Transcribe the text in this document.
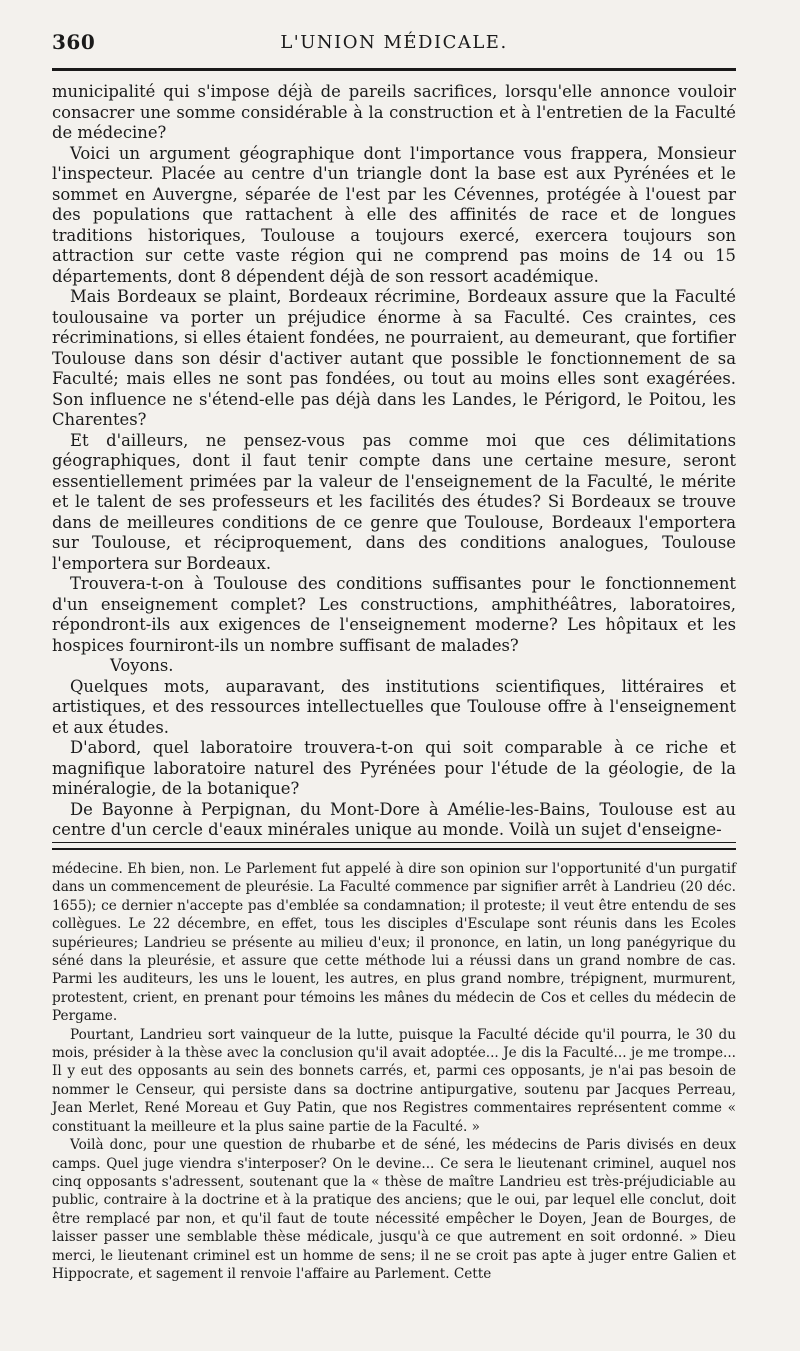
360	L'UNION MÉDICALE.

municipalité qui s'impose déjà de pareils sacrifices, lorsqu'elle annonce vouloir consacrer une somme considérable à la construction et à l'entretien de la Faculté de médecine?

Voici un argument géographique dont l'importance vous frappera, Monsieur l'inspecteur. Placée au centre d'un triangle dont la base est aux Pyrénées et le sommet en Auvergne, séparée de l'est par les Cévennes, protégée à l'ouest par des populations que rattachent à elle des affinités de race et de longues traditions historiques, Toulouse a toujours exercé, exercera toujours son attraction sur cette vaste région qui ne comprend pas moins de 14 ou 15 départements, dont 8 dépendent déjà de son ressort académique.

Mais Bordeaux se plaint, Bordeaux récrimine, Bordeaux assure que la Faculté toulousaine va porter un préjudice énorme à sa Faculté. Ces craintes, ces récriminations, si elles étaient fondées, ne pourraient, au demeurant, que fortifier Toulouse dans son désir d'activer autant que possible le fonctionnement de sa Faculté; mais elles ne sont pas fondées, ou tout au moins elles sont exagérées. Son influence ne s'étend-elle pas déjà dans les Landes, le Périgord, le Poitou, les Charentes?

Et d'ailleurs, ne pensez-vous pas comme moi que ces délimitations géographiques, dont il faut tenir compte dans une certaine mesure, seront essentiellement primées par la valeur de l'enseignement de la Faculté, le mérite et le talent de ses professeurs et les facilités des études? Si Bordeaux se trouve dans de meilleures conditions de ce genre que Toulouse, Bordeaux l'emportera sur Toulouse, et réciproquement, dans des conditions analogues, Toulouse l'emportera sur Bordeaux.

Trouvera-t-on à Toulouse des conditions suffisantes pour le fonctionnement d'un enseignement complet? Les constructions, amphithéâtres, laboratoires, répondront-ils aux exigences de l'enseignement moderne? Les hôpitaux et les hospices fourniront-ils un nombre suffisant de malades?

Voyons.

Quelques mots, auparavant, des institutions scientifiques, littéraires et artistiques, et des ressources intellectuelles que Toulouse offre à l'enseignement et aux études.

D'abord, quel laboratoire trouvera-t-on qui soit comparable à ce riche et magnifique laboratoire naturel des Pyrénées pour l'étude de la géologie, de la minéralogie, de la botanique?

De Bayonne à Perpignan, du Mont-Dore à Amélie-les-Bains, Toulouse est au centre d'un cercle d'eaux minérales unique au monde. Voilà un sujet d'enseigne-

médecine. Eh bien, non. Le Parlement fut appelé à dire son opinion sur l'opportunité d'un purgatif dans un commencement de pleurésie. La Faculté commence par signifier arrêt à Landrieu (20 déc. 1655); ce dernier n'accepte pas d'emblée sa condamnation; il proteste; il veut être entendu de ses collègues. Le 22 décembre, en effet, tous les disciples d'Esculape sont réunis dans les Ecoles supérieures; Landrieu se présente au milieu d'eux; il prononce, en latin, un long panégyrique du séné dans la pleurésie, et assure que cette méthode lui a réussi dans un grand nombre de cas. Parmi les auditeurs, les uns le louent, les autres, en plus grand nombre, trépignent, murmurent, protestent, crient, en prenant pour témoins les mânes du médecin de Cos et celles du médecin de Pergame.

Pourtant, Landrieu sort vainqueur de la lutte, puisque la Faculté décide qu'il pourra, le 30 du mois, présider à la thèse avec la conclusion qu'il avait adoptée... Je dis la Faculté... je me trompe... Il y eut des opposants au sein des bonnets carrés, et, parmi ces opposants, je n'ai pas besoin de nommer le Censeur, qui persiste dans sa doctrine antipurgative, soutenu par Jacques Perreau, Jean Merlet, René Moreau et Guy Patin, que nos Registres commentaires représentent comme « constituant la meilleure et la plus saine partie de la Faculté. »

Voilà donc, pour une question de rhubarbe et de séné, les médecins de Paris divisés en deux camps. Quel juge viendra s'interposer? On le devine... Ce sera le lieutenant criminel, auquel nos cinq opposants s'adressent, soutenant que la « thèse de maître Landrieu est très-préjudiciable au public, contraire à la doctrine et à la pratique des anciens; que le oui, par lequel elle conclut, doit être remplacé par non, et qu'il faut de toute nécessité empêcher le Doyen, Jean de Bourges, de laisser passer une semblable thèse médicale, jusqu'à ce que autrement en soit ordonné. » Dieu merci, le lieutenant criminel est un homme de sens; il ne se croit pas apte à juger entre Galien et Hippocrate, et sagement il renvoie l'affaire au Parlement. Cette
